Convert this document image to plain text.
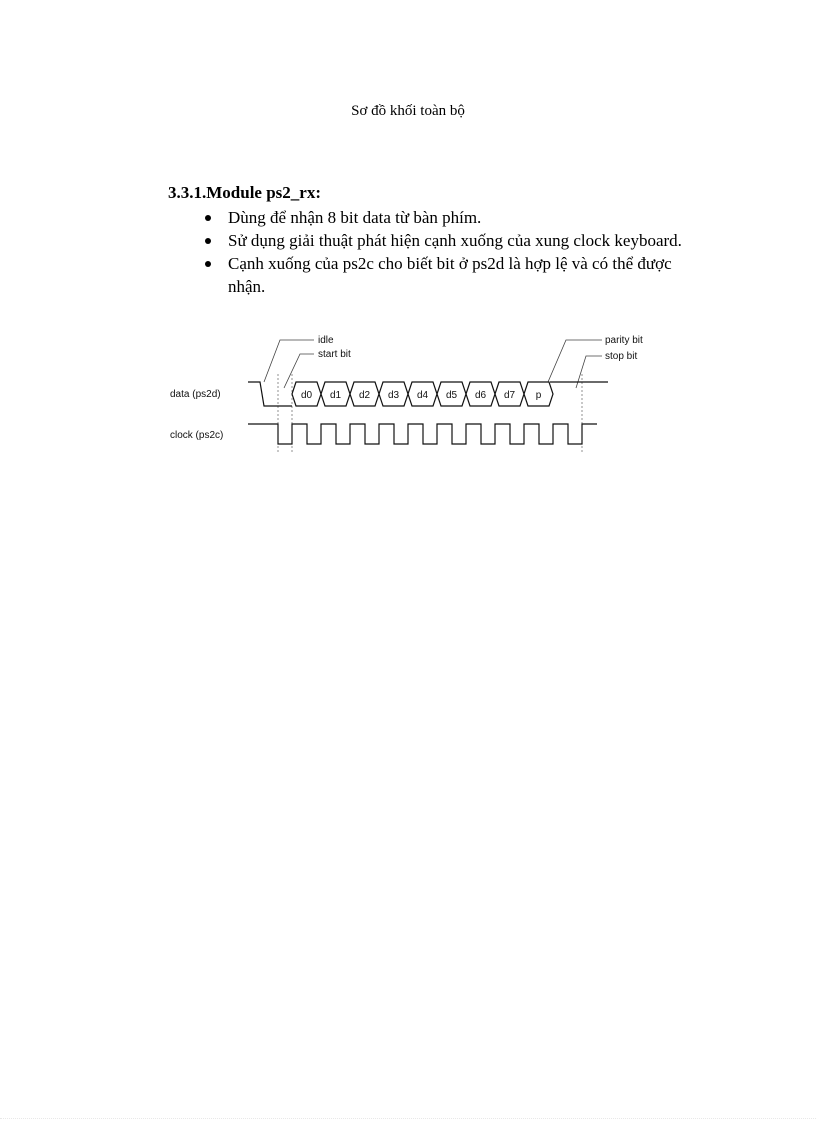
Sơ đồ khối toàn bộ
3.3.1.Module ps2_rx:
Dùng để nhận 8 bit data từ bàn phím.
Sử dụng giải thuật phát hiện cạnh xuống của xung clock keyboard.
Cạnh xuống của ps2c cho biết bit ở ps2d là hợp lệ và có thể được nhận.
data (ps2d)
clock (ps2c)
idle
start bit
parity bit
stop bit
d0 d1 d2 d3 d4 d5 d6 d7 p
